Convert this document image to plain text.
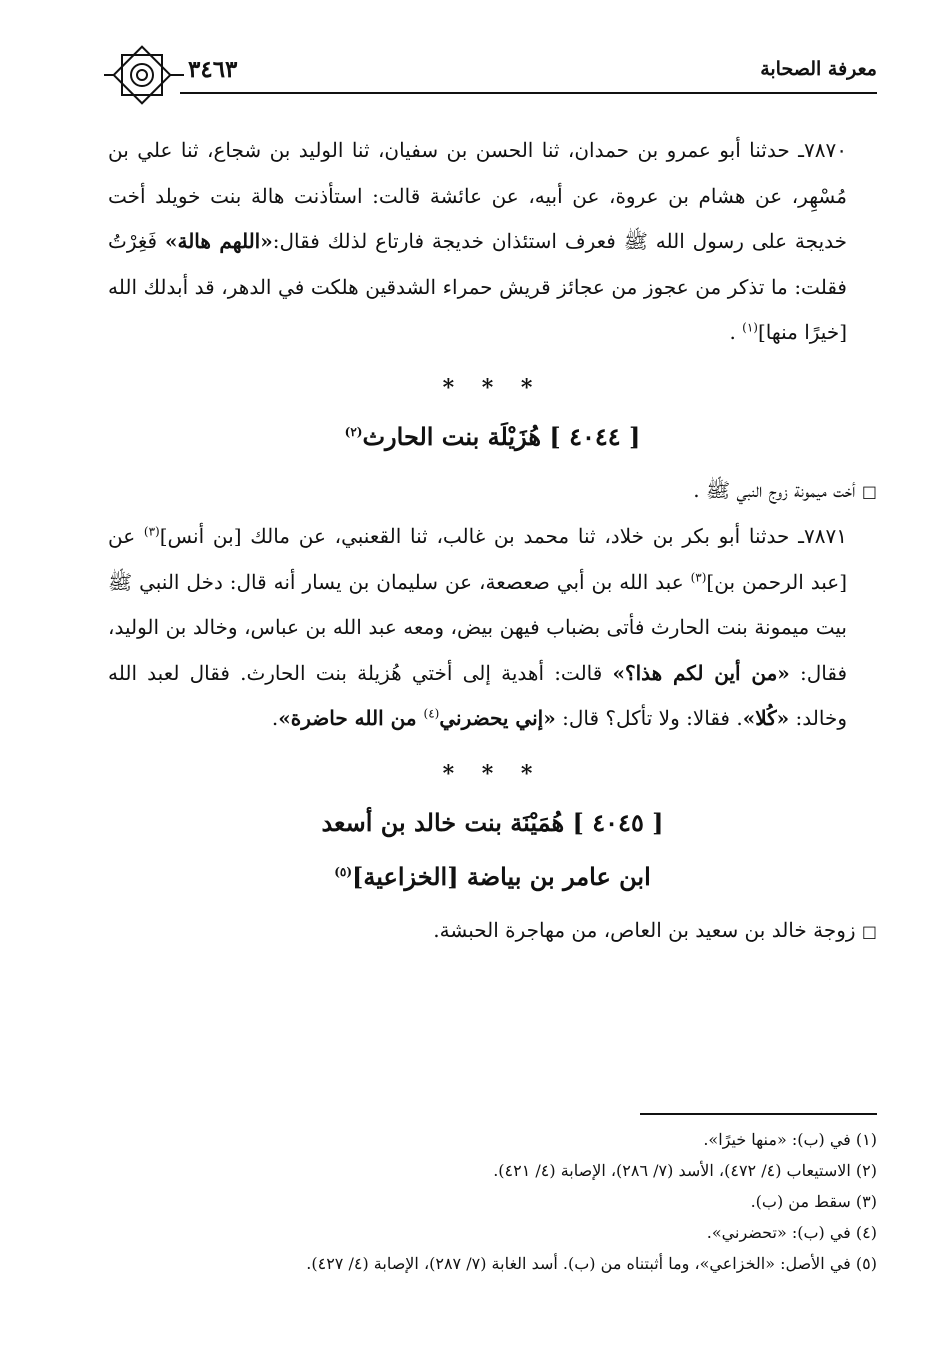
٣٤٦٣	معرفة الصحابة

٧٨٧٠ـ حدثنا أبو عمرو بن حمدان، ثنا الحسن بن سفيان، ثنا الوليد بن شجاع، ثنا علي بن مُسْهِر، عن هشام بن عروة، عن أبيه، عن عائشة قالت: استأذنت هالة بنت خويلد أخت خديجة على رسول الله ﷺ فعرف استئذان خديجة فارتاع لذلك فقال:«اللهم هالة» فَغِرْتُ فقلت: ما تذكر من عجوز من عجائز قريش حمراء الشدقين هلكت في الدهر، قد أبدلك الله [خيرًا منها]$^{(١)}$ .

* * *
[ ٤٠٤٤ ] هُزَيْلَة بنت الحارث$^{(٢)}$

□ أخت ميمونة زوج النبي ﷺ .

٧٨٧١ـ حدثنا أبو بكر بن خلاد، ثنا محمد بن غالب، ثنا القعنبي، عن مالك [بن أنس]$^{(٣)}$ عن [عبد الرحمن بن]$^{(٣)}$ عبد الله بن أبي صعصعة، عن سليمان بن يسار أنه قال: دخل النبي ﷺ بيت ميمونة بنت الحارث فأتى بضباب فيهن بيض، ومعه عبد الله بن عباس، وخالد بن الوليد، فقال: «من أين لكم هذا؟» قالت: أهدية إلى أختي هُزيلة بنت الحارث. فقال لعبد الله وخالد: «كُلا». فقالا: ولا تأكل؟ قال: «إني يحضرني$^{(٤)}$ من الله حاضرة».

* * *
[ ٤٠٤٥ ] هُمَيْنَة بنت خالد بن أسعد
ابن عامر بن بياضة [الخزاعية]$^{(٥)}$

□ زوجة خالد بن سعيد بن العاص، من مهاجرة الحبشة.

(١) في (ب): «منها خيرًا».
(٢) الاستيعاب (٤/ ٤٧٢)، الأسد (٧/ ٢٨٦)، الإصابة (٤/ ٤٢١).
(٣) سقط من (ب).
(٤) في (ب): «تحضرني».
(٥) في الأصل: «الخزاعي»، وما أثبتناه من (ب). أسد الغابة (٧/ ٢٨٧)، الإصابة (٤/ ٤٢٧).
